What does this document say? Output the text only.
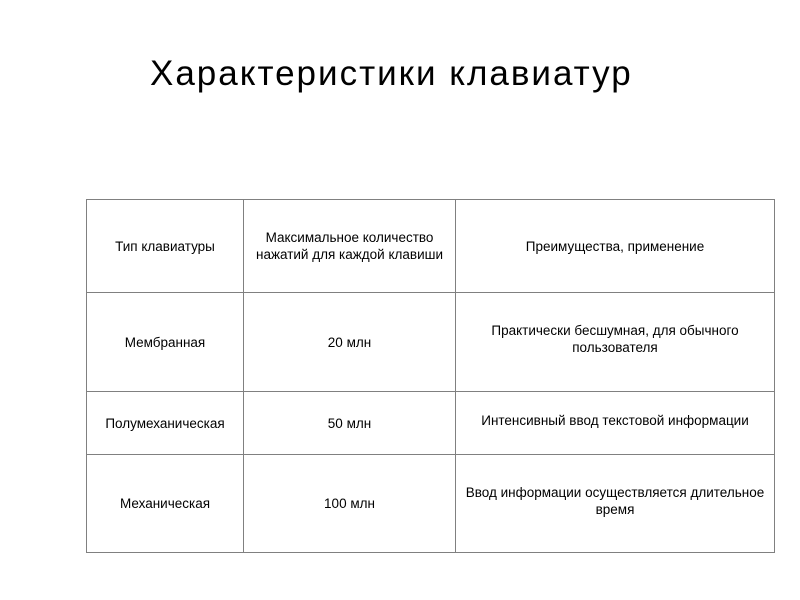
Характеристики клавиатур
Тип клавиатуры	Максимальное количество нажатий для каждой клавиши	Преимущества, применение
Мембранная	20 млн	Практически бесшумная, для обычного пользователя
Полумеханическая	50 млн	Интенсивный ввод текстовой информации
Механическая	100 млн	Ввод информации осуществляется длительное время
